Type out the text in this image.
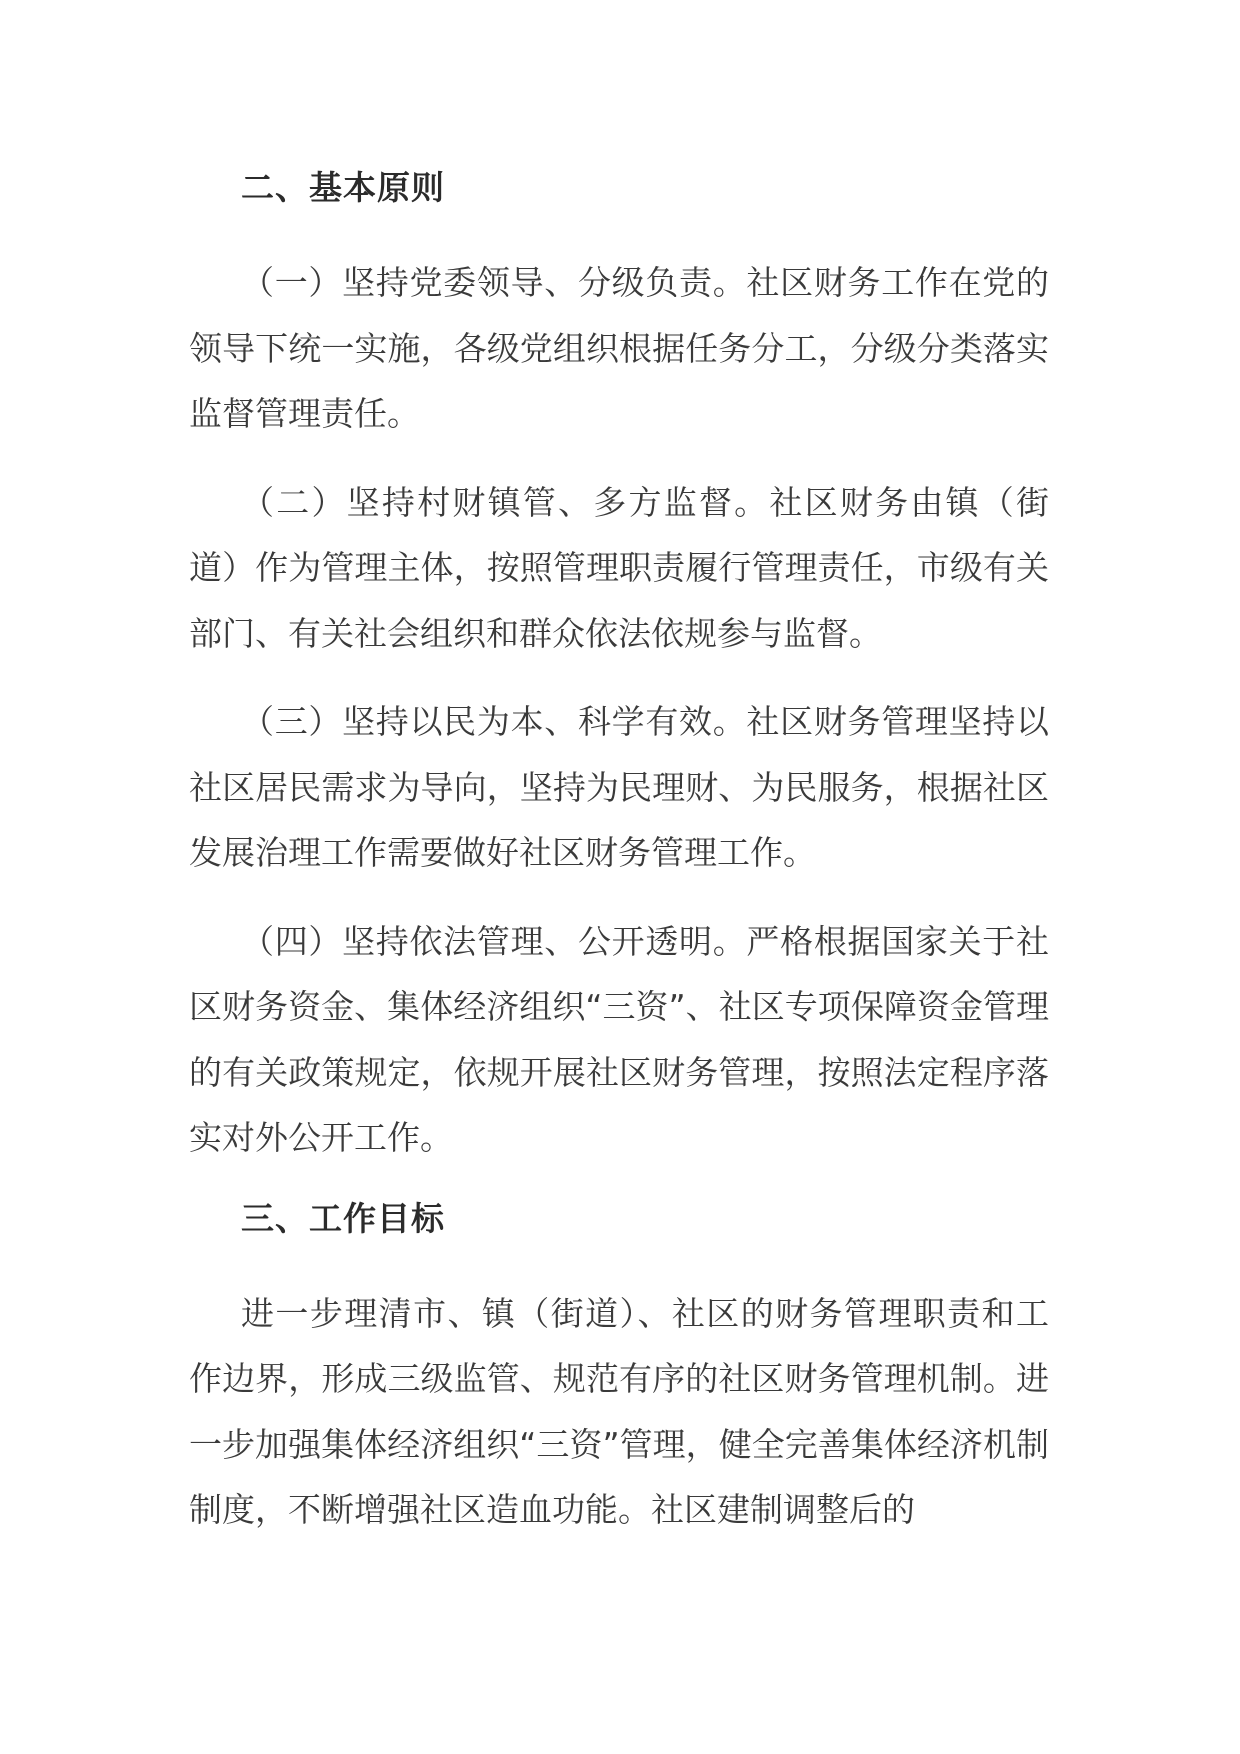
二、基本原则

（一）坚持党委领导、分级负责。社区财务工作在党的领导下统一实施，各级党组织根据任务分工，分级分类落实监督管理责任。

（二）坚持村财镇管、多方监督。社区财务由镇（街道）作为管理主体，按照管理职责履行管理责任，市级有关部门、有关社会组织和群众依法依规参与监督。

（三）坚持以民为本、科学有效。社区财务管理坚持以社区居民需求为导向，坚持为民理财、为民服务，根据社区发展治理工作需要做好社区财务管理工作。

（四）坚持依法管理、公开透明。严格根据国家关于社区财务资金、集体经济组织“三资”、社区专项保障资金管理的有关政策规定，依规开展社区财务管理，按照法定程序落实对外公开工作。

三、工作目标

进一步理清市、镇（街道）、社区的财务管理职责和工作边界，形成三级监管、规范有序的社区财务管理机制。进一步加强集体经济组织“三资”管理，健全完善集体经济机制制度，不断增强社区造血功能。社区建制调整后的
